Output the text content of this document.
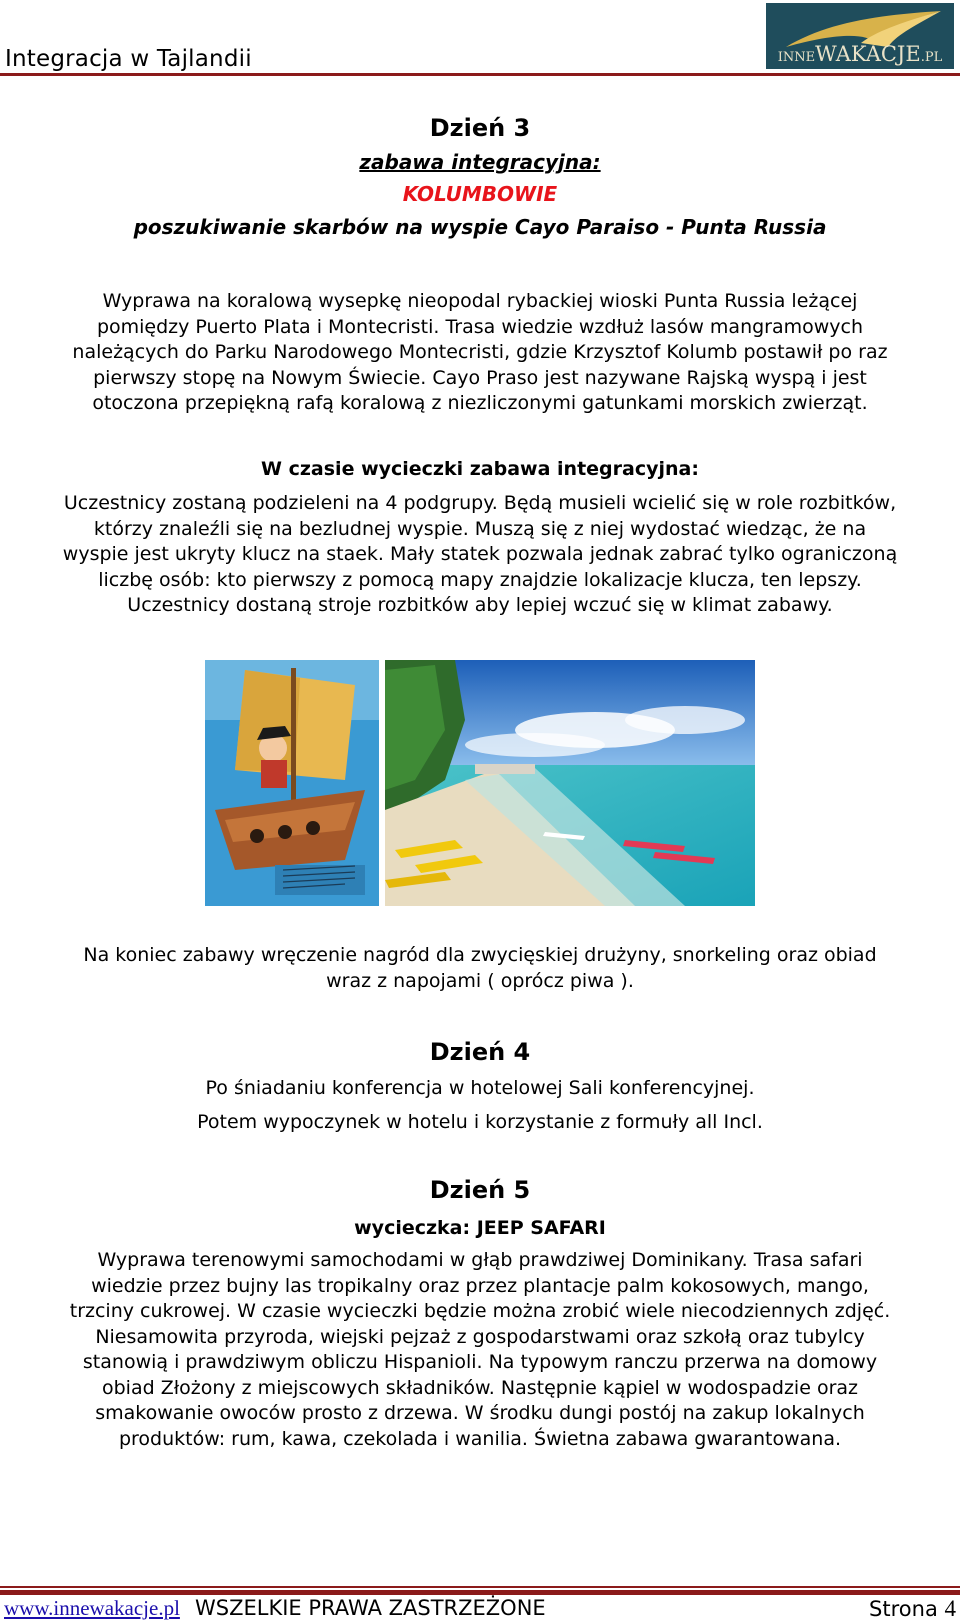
Integracja w Tajlandii	INNEWAKACJE.PL
Dzień 3
zabawa integracyjna:
KOLUMBOWIE
poszukiwanie skarbów na wyspie Cayo Paraiso - Punta Russia
Wyprawa na koralową wysepkę nieopodal rybackiej wioski Punta Russia leżącej
pomiędzy Puerto Plata i Montecristi. Trasa wiedzie wzdłuż lasów mangramowych
należących do Parku Narodowego Montecristi, gdzie Krzysztof Kolumb postawił po raz
pierwszy stopę na Nowym Świecie. Cayo Praso jest nazywane Rajską wyspą i jest
otoczona przepiękną rafą koralową z niezliczonymi gatunkami morskich zwierząt.
W czasie wycieczki zabawa integracyjna:
Uczestnicy zostaną podzieleni na 4 podgrupy. Będą musieli wcielić się w role rozbitków,
którzy znaleźli się na bezludnej wyspie. Muszą się z niej wydostać wiedząc, że na
wyspie jest ukryty klucz na staek. Mały statek pozwala jednak zabrać tylko ograniczoną
liczbę osób: kto pierwszy z pomocą mapy znajdzie lokalizacje klucza, ten lepszy.
Uczestnicy dostaną stroje rozbitków aby lepiej wczuć się w klimat zabawy.
Na koniec zabawy wręczenie nagród dla zwycięskiej drużyny, snorkeling oraz obiad
wraz z napojami ( oprócz piwa ).
Dzień 4
Po śniadaniu konferencja w hotelowej Sali konferencyjnej.
Potem wypoczynek w hotelu i korzystanie z formuły all Incl.
Dzień 5
wycieczka: JEEP SAFARI
Wyprawa terenowymi samochodami w głąb prawdziwej Dominikany. Trasa safari
wiedzie przez bujny las tropikalny oraz przez plantacje palm kokosowych, mango,
trzciny cukrowej. W czasie wycieczki będzie można zrobić wiele niecodziennych zdjęć.
Niesamowita przyroda, wiejski pejzaż z gospodarstwami oraz szkołą oraz tubylcy
stanowią i prawdziwym obliczu Hispanioli. Na typowym ranczu przerwa na domowy
obiad Złożony z miejscowych składników. Następnie kąpiel w wodospadzie oraz
smakowanie owoców prosto z drzewa. W środku dungi postój na zakup lokalnych
produktów: rum, kawa, czekolada i wanilia. Świetna zabawa gwarantowana.
www.innewakacje.pl WSZELKIE PRAWA ZASTRZEŻONE	Strona 4
